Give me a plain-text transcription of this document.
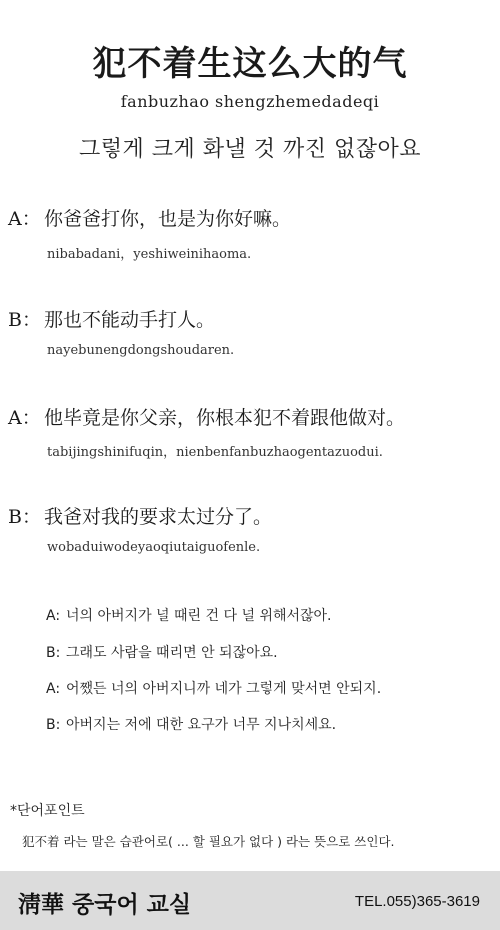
犯不着生这么大的气
fanbuzhao shengzhemedadeqi
그렇게 크게 화낼 것 까진 없잖아요
A： 你爸爸打你，也是为你好嘛。
nibabadani，yeshiweinihaoma.
B： 那也不能动手打人。
nayebunengdongshoudaren.
A： 他毕竟是你父亲，你根本犯不着跟他做对。
tabijingshinifuqin，nienbenfanbuzhaogentazuodui.
B： 我爸对我的要求太过分了。
wobaduiwodeyaoqiutaiguofenle.
A: 너의 아버지가 널 때린 건 다 널 위해서잖아.
B: 그래도 사람을 때리면 안 되잖아요.
A: 어쨌든 너의 아버지니까 네가 그렇게 맞서면 안되지.
B: 아버지는 저에 대한 요구가 너무 지나치세요.
*단어포인트
犯不着 라는 말은 습관어로( ... 할 필요가 없다 ) 라는 뜻으로 쓰인다.
淸華 중국어 교실	TEL.055)365-3619
